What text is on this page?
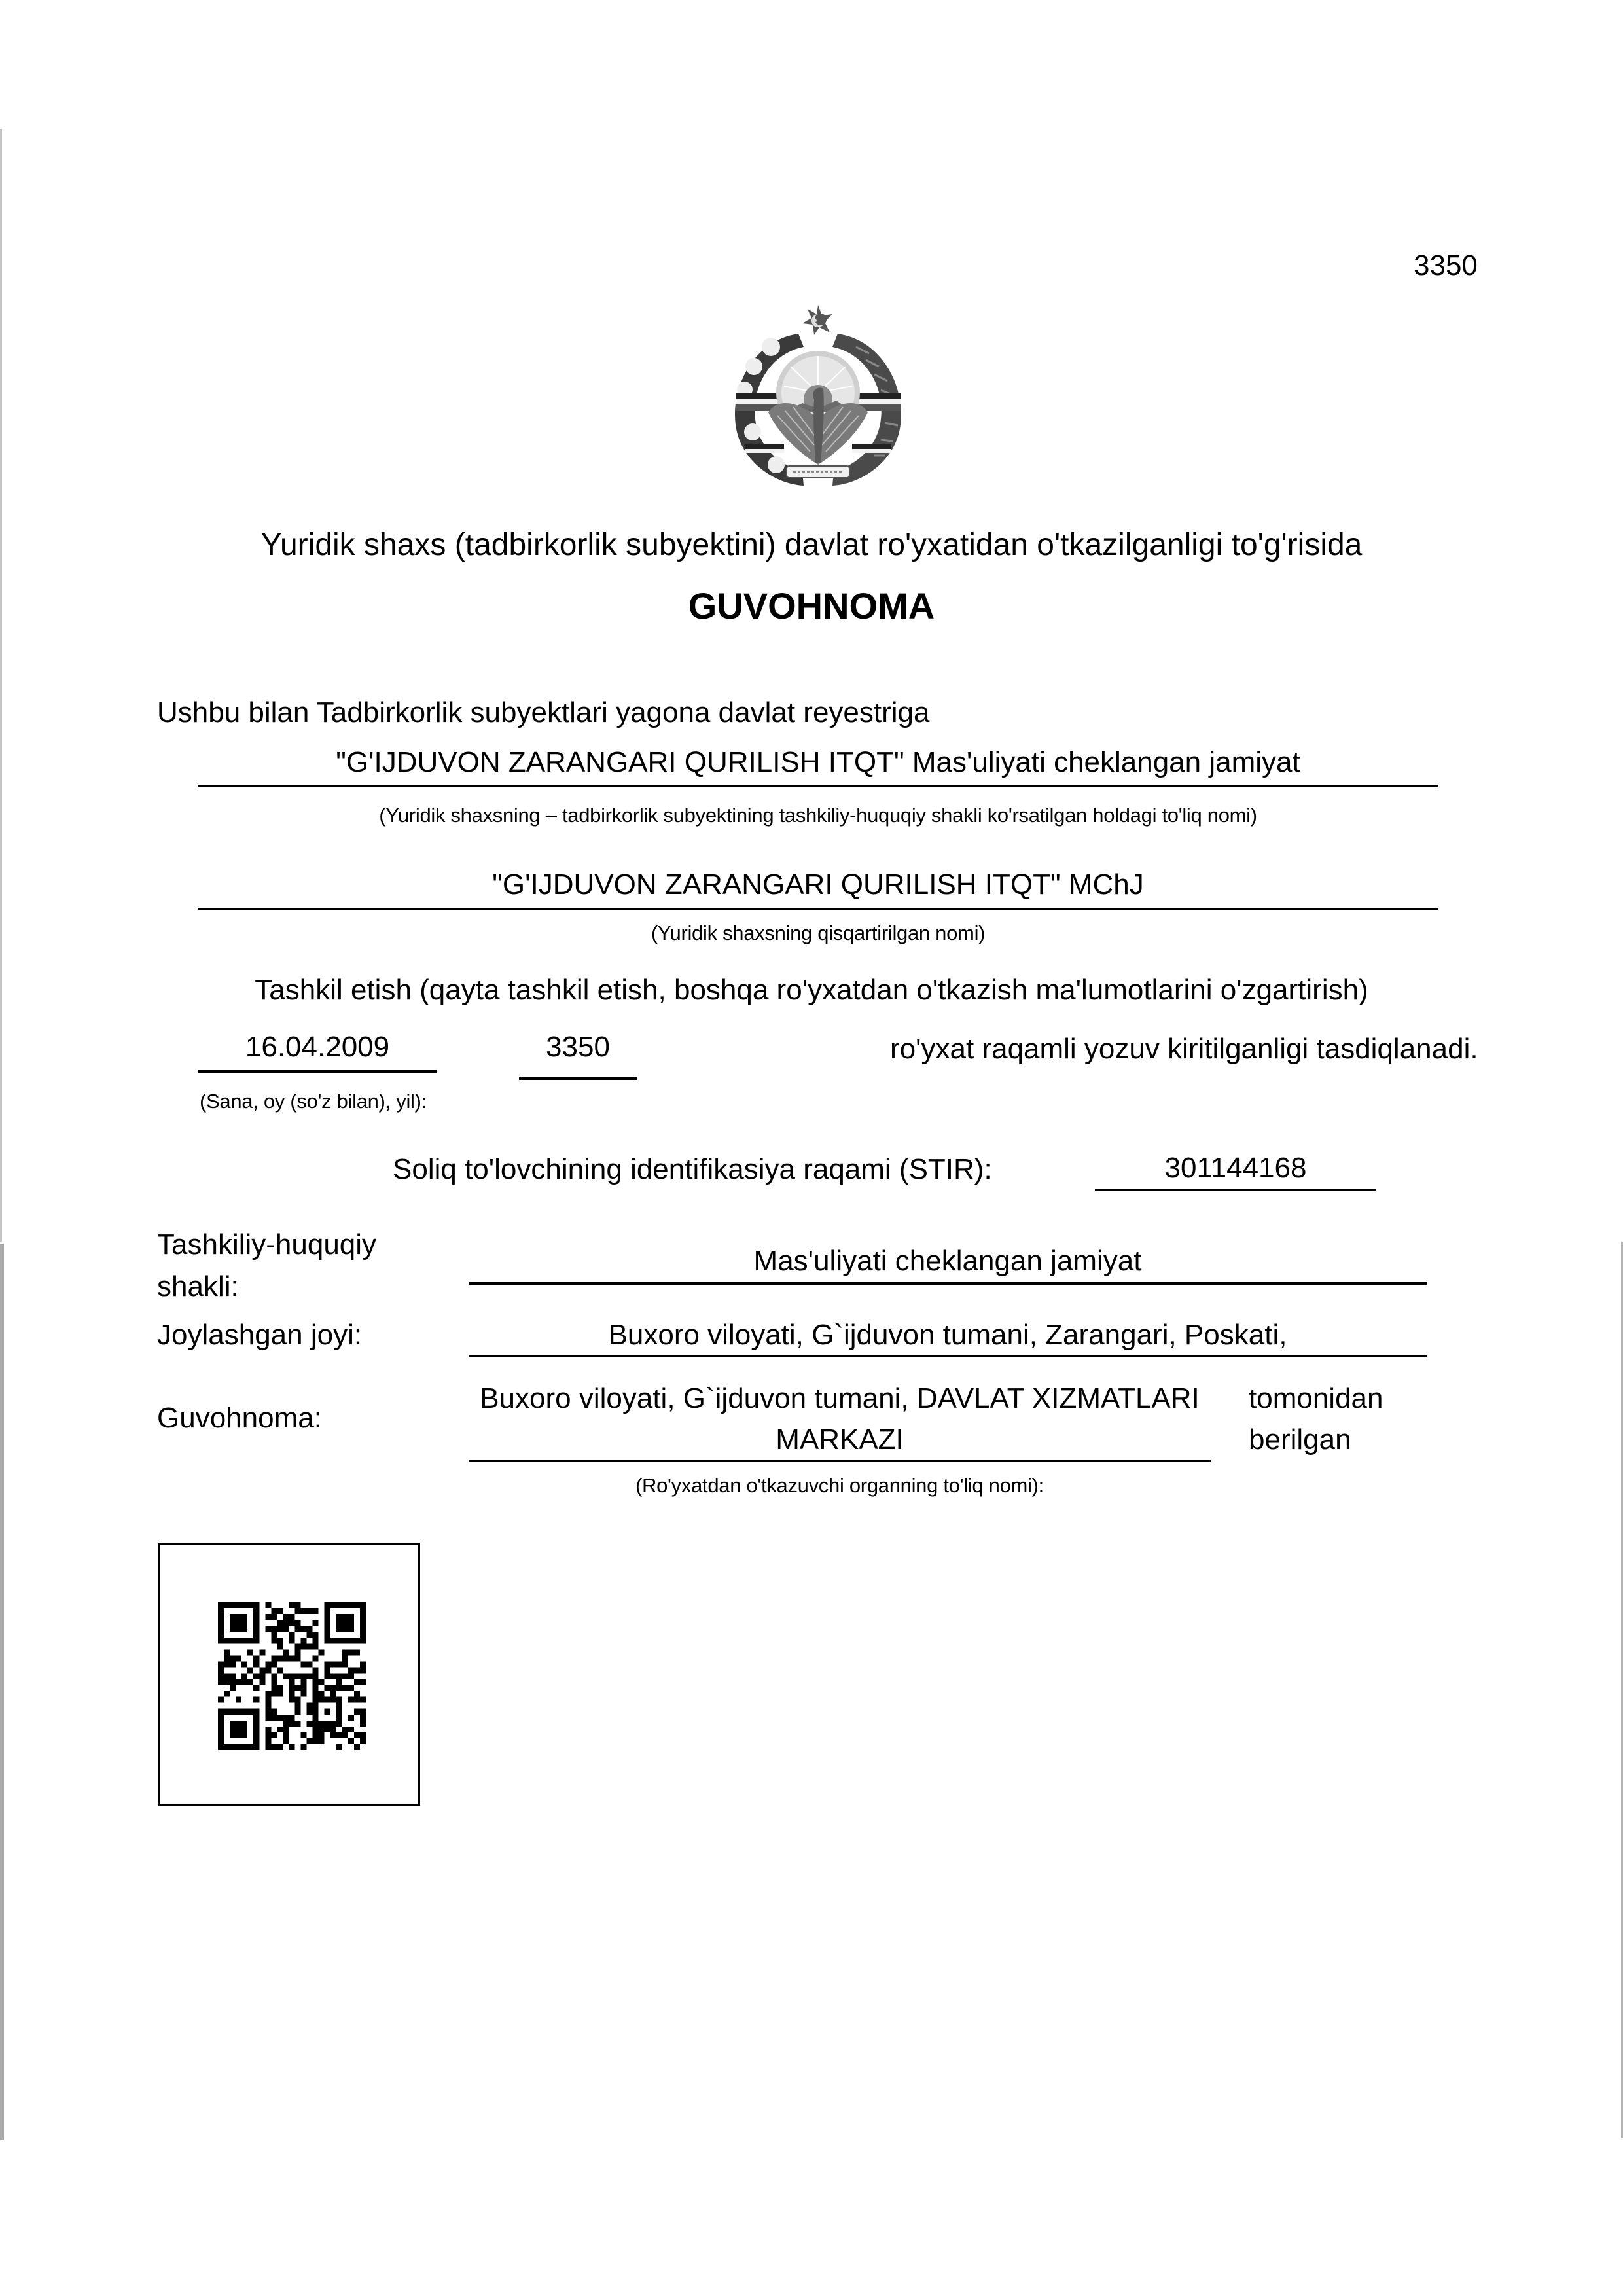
3350
Yuridik shaxs (tadbirkorlik subyektini) davlat ro'yxatidan o'tkazilganligi to'g'risida
GUVOHNOMA
Ushbu bilan Tadbirkorlik subyektlari yagona davlat reyestriga
"G'IJDUVON ZARANGARI QURILISH ITQT" Mas'uliyati cheklangan jamiyat
(Yuridik shaxsning – tadbirkorlik subyektining tashkiliy-huquqiy shakli ko'rsatilgan holdagi to'liq nomi)
"G'IJDUVON ZARANGARI QURILISH ITQT" MChJ
(Yuridik shaxsning qisqartirilgan nomi)
Tashkil etish (qayta tashkil etish, boshqa ro'yxatdan o'tkazish ma'lumotlarini o'zgartirish)
16.04.2009	3350	ro'yxat raqamli yozuv kiritilganligi tasdiqlanadi.
(Sana, oy (so'z bilan), yil):
Soliq to'lovchining identifikasiya raqami (STIR):	301144168
Tashkiliy-huquqiy shakli:
Mas'uliyati cheklangan jamiyat
Joylashgan joyi:	Buxoro viloyati, G`ijduvon tumani, Zarangari, Poskati,
Guvohnoma:
Buxoro viloyati, G`ijduvon tumani, DAVLAT XIZMATLARI MARKAZI
tomonidan berilgan
(Ro'yxatdan o'tkazuvchi organning to'liq nomi):
